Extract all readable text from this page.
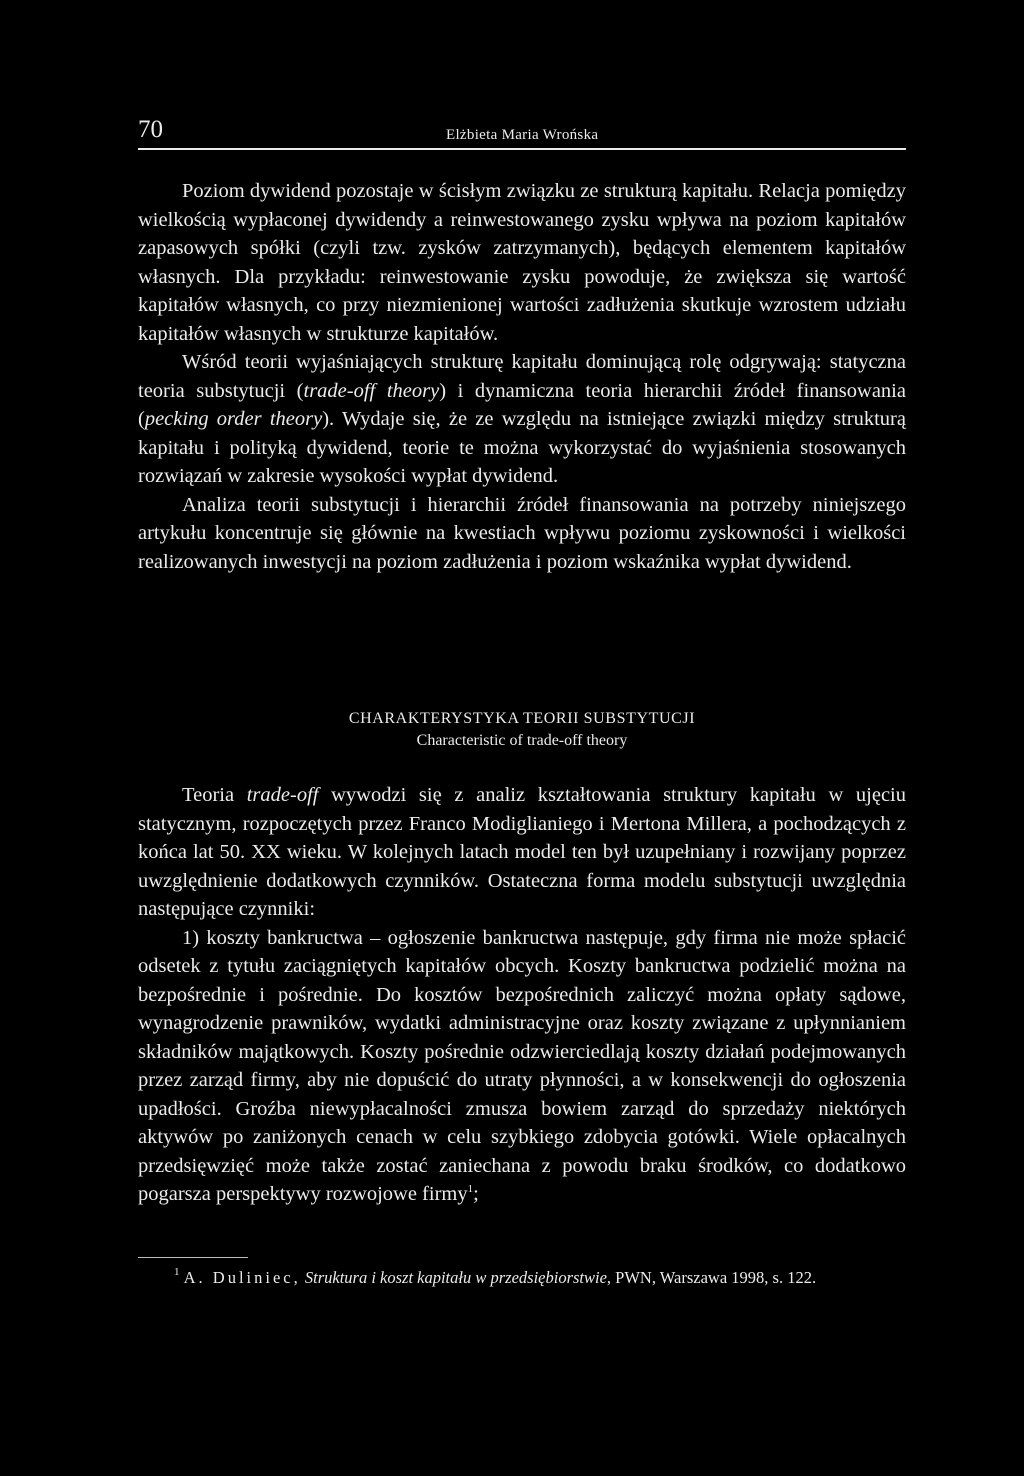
70	Elżbieta Maria Wrońska

Poziom dywidend pozostaje w ścisłym związku ze strukturą kapitału. Relacja pomiędzy wielkością wypłaconej dywidendy a reinwestowanego zysku wpływa na poziom kapitałów zapasowych spółki (czyli tzw. zysków zatrzymanych), będących elementem kapitałów własnych. Dla przykładu: reinwestowanie zysku powoduje, że zwiększa się wartość kapitałów własnych, co przy niezmienionej wartości zadłużenia skutkuje wzrostem udziału kapitałów własnych w strukturze kapitałów.

Wśród teorii wyjaśniających strukturę kapitału dominującą rolę odgrywają: statyczna teoria substytucji (trade-off theory) i dynamiczna teoria hierarchii źródeł finansowania (pecking order theory). Wydaje się, że ze względu na istniejące związki między strukturą kapitału i polityką dywidend, teorie te można wykorzystać do wyjaśnienia stosowanych rozwiązań w zakresie wysokości wypłat dywidend.

Analiza teorii substytucji i hierarchii źródeł finansowania na potrzeby niniejszego artykułu koncentruje się głównie na kwestiach wpływu poziomu zyskowności i wielkości realizowanych inwestycji na poziom zadłużenia i poziom wskaźnika wypłat dywidend.

CHARAKTERYSTYKA TEORII SUBSTYTUCJI
Characteristic of trade-off theory

Teoria trade-off wywodzi się z analiz kształtowania struktury kapitału w ujęciu statycznym, rozpoczętych przez Franco Modiglianiego i Mertona Millera, a pochodzących z końca lat 50. XX wieku. W kolejnych latach model ten był uzupełniany i rozwijany poprzez uwzględnienie dodatkowych czynników. Ostateczna forma modelu substytucji uwzględnia następujące czynniki:

1) koszty bankructwa – ogłoszenie bankructwa następuje, gdy firma nie może spłacić odsetek z tytułu zaciągniętych kapitałów obcych. Koszty bankructwa podzielić można na bezpośrednie i pośrednie. Do kosztów bezpośrednich zaliczyć można opłaty sądowe, wynagrodzenie prawników, wydatki administracyjne oraz koszty związane z upłynnianiem składników majątkowych. Koszty pośrednie odzwierciedlają koszty działań podejmowanych przez zarząd firmy, aby nie dopuścić do utraty płynności, a w konsekwencji do ogłoszenia upadłości. Groźba niewypłacalności zmusza bowiem zarząd do sprzedaży niektórych aktywów po zaniżonych cenach w celu szybkiego zdobycia gotówki. Wiele opłacalnych przedsięwzięć może także zostać zaniechana z powodu braku środków, co dodatkowo pogarsza perspektywy rozwojowe firmy$^1$;

$^1$ A. Duliniec, Struktura i koszt kapitału w przedsiębiorstwie, PWN, Warszawa 1998, s. 122.
